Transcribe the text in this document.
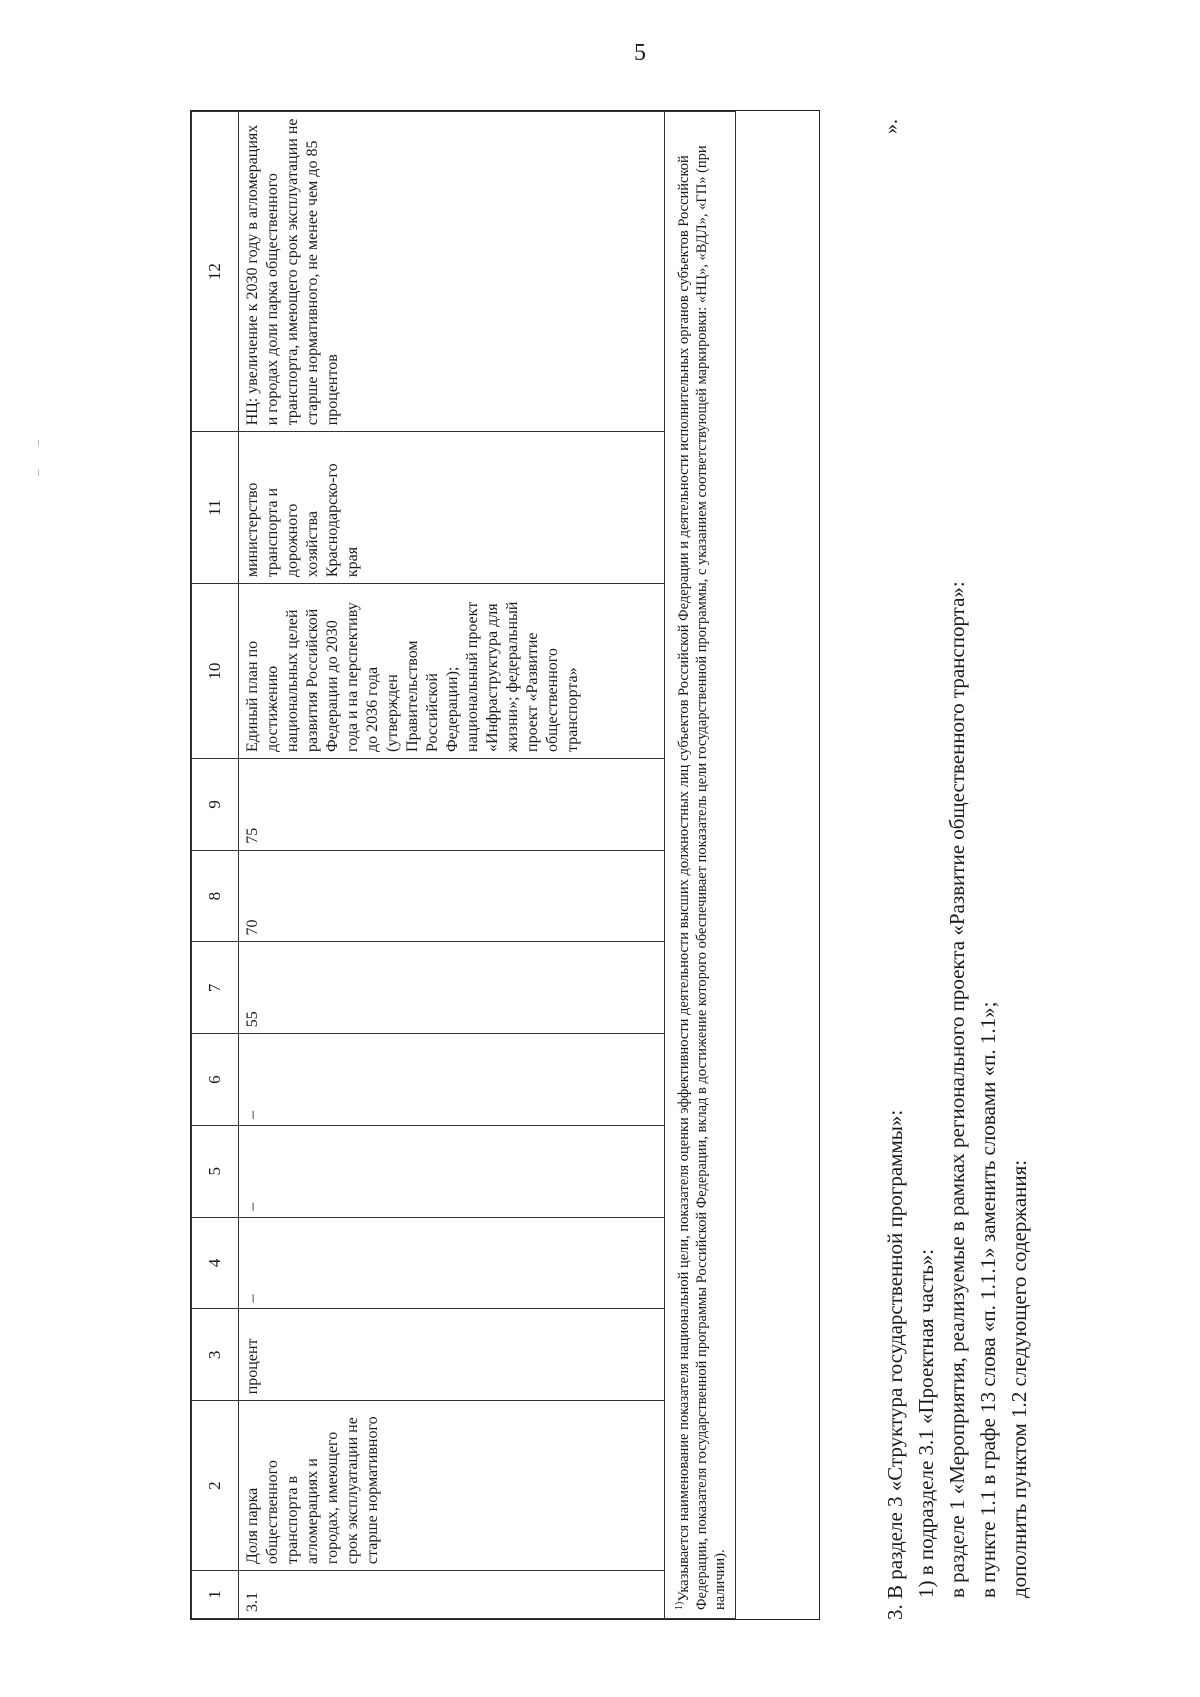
5
1	2	3	4	5	6	7	8	9	10	11	12
3.1	Доля парка общественного транспорта в агломерациях и городах, имеющего срок эксплуатации не старше нормативного	процент	–	–	–	55	70	75	Единый план по достижению национальных целей развития Российской Федерации до 2030 года и на перспективу до 2036 года (утвержден Правительством Российской Федерации); национальный проект «Инфраструктура для жизни»; федеральный проект «Развитие общественного транспорта»	министерство транспорта и дорожного хозяйства Краснодарско-го края	НЦ: увеличение к 2030 году в агломерациях и городах доли парка общественного транспорта, имеющего срок эксплуатации не старше нормативного, не менее чем до 85 процентов
$^{1)}$Указывается наименование показателя национальной цели, показателя оценки эффективности деятельности высших должностных лиц субъектов Российской Федерации и деятельности исполнительных органов субъектов Российской Федерации, показателя государственной программы Российской Федерации, вклад в достижение которого обеспечивает показатель цели государственной программы, с указанием соответствующей маркировки: «НЦ», «ВДЛ», «ГП» (при наличии).											
».
3. В разделе 3 «Структура государственной программы»: 1) в подразделе 3.1 «Проектная часть»: в разделе 1 «Мероприятия, реализуемые в рамках регионального проекта «Развитие общественного транспорта»: в пункте 1.1 в графе 13 слова «п. 1.1.1» заменить словами «п. 1.1»; дополнить пунктом 1.2 следующего содержания:
